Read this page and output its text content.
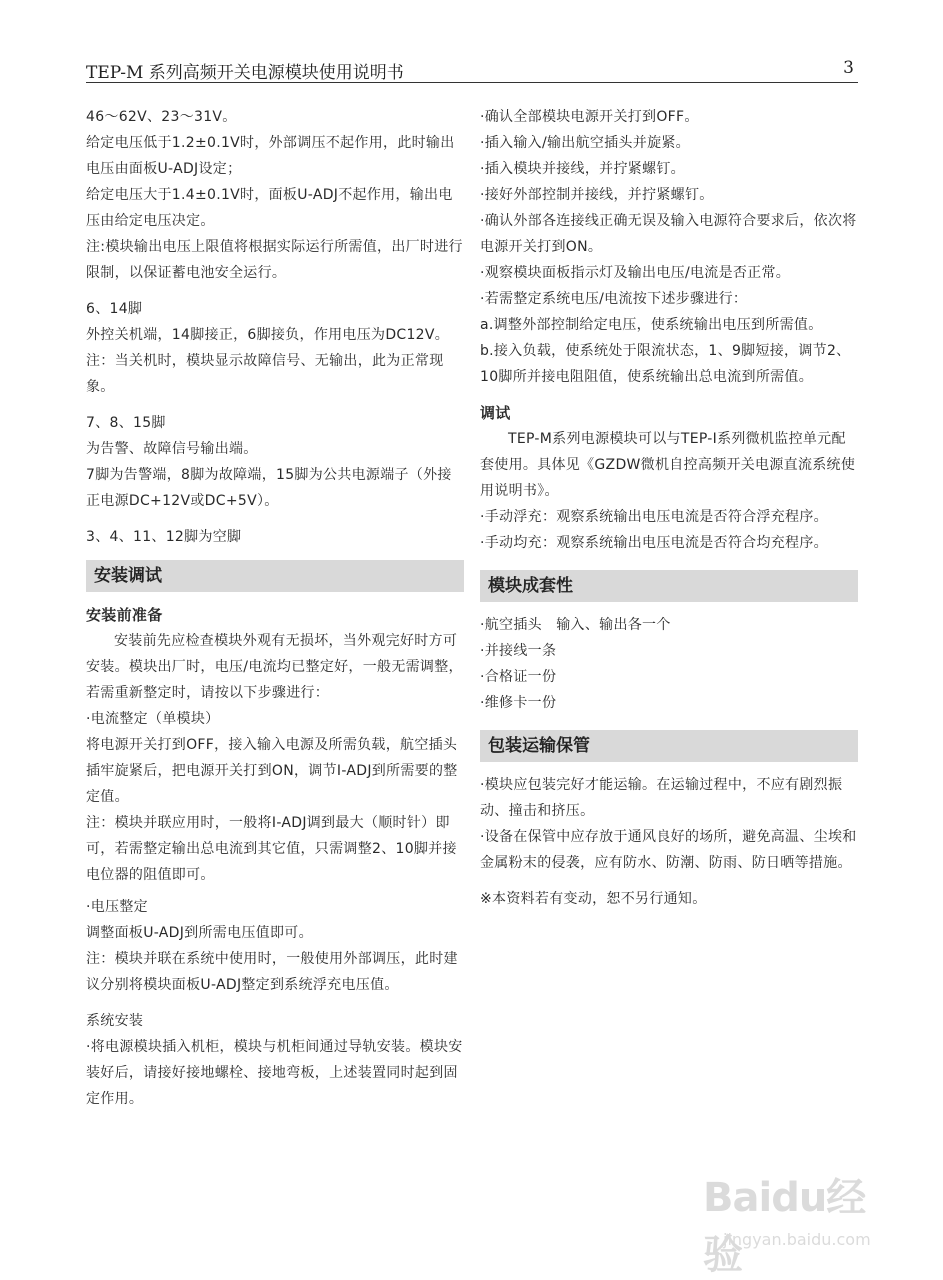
TEP-M 系列高频开关电源模块使用说明书	3

46～62V、23～31V。

给定电压低于1.2±0.1V时，外部调压不起作用，此时输出电压由面板U-ADJ设定；

给定电压大于1.4±0.1V时，面板U-ADJ不起作用，输出电压由给定电压决定。

注:模块输出电压上限值将根据实际运行所需值，出厂时进行限制，以保证蓄电池安全运行。

6、14脚

外控关机端，14脚接正，6脚接负，作用电压为DC12V。

注：当关机时，模块显示故障信号、无输出，此为正常现象。

7、8、15脚

为告警、故障信号输出端。

7脚为告警端，8脚为故障端，15脚为公共电源端子（外接正电源DC+12V或DC+5V）。

3、4、11、12脚为空脚

安装调试

安装前准备

安装前先应检查模块外观有无损坏，当外观完好时方可安装。模块出厂时，电压/电流均已整定好，一般无需调整，若需重新整定时，请按以下步骤进行：

·电流整定（单模块）

将电源开关打到OFF，接入输入电源及所需负载，航空插头插牢旋紧后，把电源开关打到ON，调节I-ADJ到所需要的整定值。

注：模块并联应用时，一般将I-ADJ调到最大（顺时针）即可，若需整定输出总电流到其它值，只需调整2、10脚并接电位器的阻值即可。

·电压整定

调整面板U-ADJ到所需电压值即可。

注：模块并联在系统中使用时，一般使用外部调压，此时建议分别将模块面板U-ADJ整定到系统浮充电压值。

系统安装

·将电源模块插入机柜，模块与机柜间通过导轨安装。模块安装好后，请接好接地螺栓、接地弯板，上述装置同时起到固定作用。

·确认全部模块电源开关打到OFF。

·插入输入/输出航空插头并旋紧。

·插入模块并接线，并拧紧螺钉。

·接好外部控制并接线，并拧紧螺钉。

·确认外部各连接线正确无误及输入电源符合要求后，依次将电源开关打到ON。

·观察模块面板指示灯及输出电压/电流是否正常。

·若需整定系统电压/电流按下述步骤进行：

a.调整外部控制给定电压，使系统输出电压到所需值。

b.接入负载，使系统处于限流状态，1、9脚短接，调节2、10脚所并接电阻阻值，使系统输出总电流到所需值。

调试

TEP-M系列电源模块可以与TEP-I系列微机监控单元配套使用。具体见《GZDW微机自控高频开关电源直流系统使用说明书》。

·手动浮充：观察系统输出电压电流是否符合浮充程序。

·手动均充：观察系统输出电压电流是否符合均充程序。

模块成套性

·航空插头　输入、输出各一个

·并接线一条

·合格证一份

·维修卡一份

包装运输保管

·模块应包装完好才能运输。在运输过程中，不应有剧烈振动、撞击和挤压。

·设备在保管中应存放于通风良好的场所，避免高温、尘埃和金属粉末的侵袭，应有防水、防潮、防雨、防日晒等措施。

※本资料若有变动，恕不另行通知。

Baidu经验
jingyan.baidu.com
